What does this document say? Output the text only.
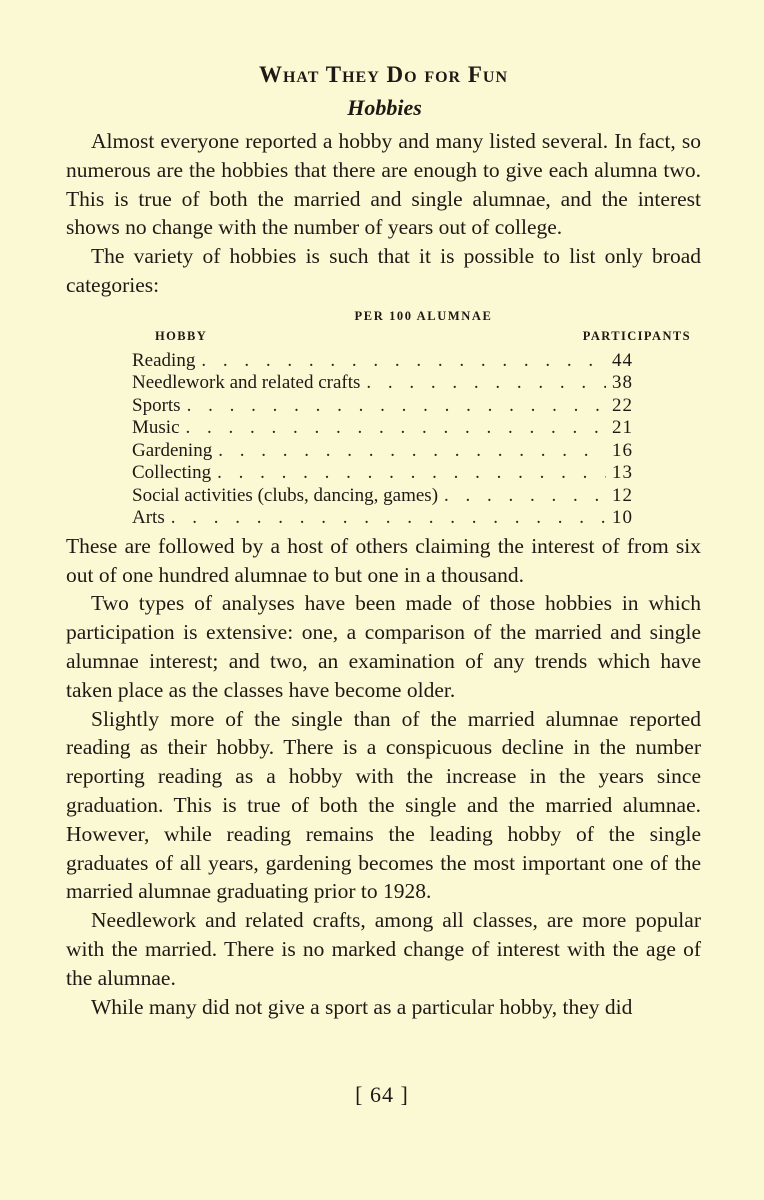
What They Do for Fun
Hobbies

Almost everyone reported a hobby and many listed several. In fact, so numerous are the hobbies that there are enough to give each alumna two. This is true of both the married and single alumnae, and the interest shows no change with the number of years out of college.

The variety of hobbies is such that it is possible to list only broad categories:

PER 100 ALUMNAE
HOBBY	PARTICIPANTS
Reading . . .	44
Needlework and related crafts . . .	38
Sports . . .	22
Music . . .	21
Gardening . . .	16
Collecting . . .	13
Social activities (clubs, dancing, games) . . .	12
Arts . . .	10

These are followed by a host of others claiming the interest of from six out of one hundred alumnae to but one in a thousand.

Two types of analyses have been made of those hobbies in which participation is extensive: one, a comparison of the married and single alumnae interest; and two, an examination of any trends which have taken place as the classes have become older.

Slightly more of the single than of the married alumnae reported reading as their hobby. There is a conspicuous decline in the number reporting reading as a hobby with the increase in the years since graduation. This is true of both the single and the married alumnae. However, while reading remains the leading hobby of the single graduates of all years, gardening becomes the most important one of the married alumnae graduating prior to 1928.

Needlework and related crafts, among all classes, are more popular with the married. There is no marked change of interest with the age of the alumnae.

While many did not give a sport as a particular hobby, they did

[ 64 ]
